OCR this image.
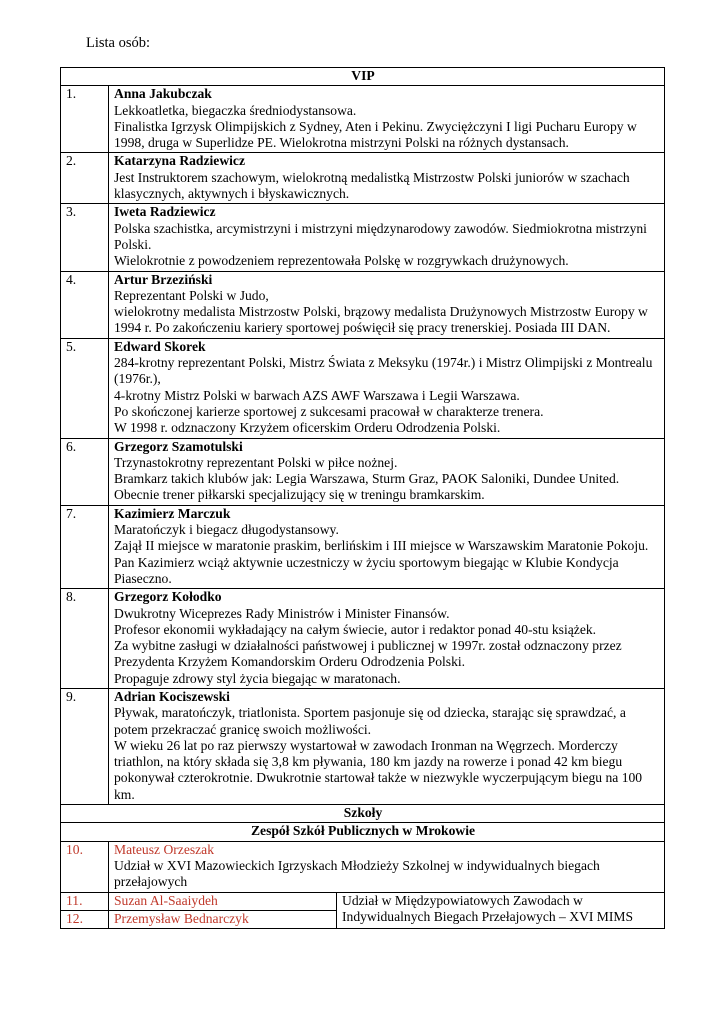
Lista osób:
VIP		
1.	Anna Jakubczak
Lekkoatletka, biegaczka średniodystansowa.
Finalistka Igrzysk Olimpijskich z Sydney, Aten i Pekinu. Zwyciężczyni I ligi Pucharu Europy w 1998, druga w Superlidze PE. Wielokrotna mistrzyni Polski na różnych dystansach.	

2.	Katarzyna Radziewicz
Jest Instruktorem szachowym, wielokrotną medalistką Mistrzostw Polski juniorów w szachach klasycznych, aktywnych i błyskawicznych.	

3.	Iweta Radziewicz
Polska szachistka, arcymistrzyni i mistrzyni międzynarodowy zawodów. Siedmiokrotna mistrzyni Polski.
Wielokrotnie z powodzeniem reprezentowała Polskę w rozgrywkach drużynowych.	

4.	Artur Brzeziński
Reprezentant Polski w Judo,
wielokrotny medalista Mistrzostw Polski, brązowy medalista Drużynowych Mistrzostw Europy w 1994 r. Po zakończeniu kariery sportowej poświęcił się pracy trenerskiej. Posiada III DAN.	

5.	Edward Skorek
284-krotny reprezentant Polski, Mistrz Świata z Meksyku (1974r.) i Mistrz Olimpijski z Montrealu (1976r.),
4-krotny Mistrz Polski w barwach AZS AWF Warszawa i Legii Warszawa.
Po skończonej karierze sportowej z sukcesami pracował w charakterze trenera.
W 1998 r. odznaczony Krzyżem oficerskim Orderu Odrodzenia Polski.	

6.	Grzegorz Szamotulski
Trzynastokrotny reprezentant Polski w piłce nożnej.
Bramkarz takich klubów jak: Legia Warszawa, Sturm Graz, PAOK Saloniki, Dundee United.
Obecnie trener piłkarski specjalizujący się w treningu bramkarskim.	

7.	Kazimierz Marczuk
Maratończyk i biegacz długodystansowy.
Zajął II miejsce w maratonie praskim, berlińskim i III miejsce w Warszawskim Maratonie Pokoju.
Pan Kazimierz wciąż aktywnie uczestniczy w życiu sportowym biegając w Klubie Kondycja Piaseczno.	

8.	Grzegorz Kołodko
Dwukrotny Wiceprezes Rady Ministrów i Minister Finansów.
Profesor ekonomii wykładający na całym świecie, autor i redaktor ponad 40-stu książek.
Za wybitne zasługi w działalności państwowej i publicznej w 1997r. został odznaczony przez Prezydenta Krzyżem Komandorskim Orderu Odrodzenia Polski.
Propaguje zdrowy styl życia biegając w maratonach.	

9.	Adrian Kociszewski
Pływak, maratończyk, triatlonista. Sportem pasjonuje się od dziecka, starając się sprawdzać, a potem przekraczać granicę swoich możliwości.
W wieku 26 lat po raz pierwszy wystartował w zawodach Ironman na Węgrzech. Morderczy triathlon, na który składa się 3,8 km pływania, 180 km jazdy na rowerze i ponad 42 km biegu pokonywał czterokrotnie. Dwukrotnie startował także w niezwykle wyczerpującym biegu na 100 km.	

Szkoły		
Zespół Szkół Publicznych w Mrokowie		
10.	Mateusz Orzeszak
Udział w XVI Mazowieckich Igrzyskach Młodzieży Szkolnej w indywidualnych biegach przełajowych	

11.	Suzan Al-Saaiydeh	Udział w Międzypowiatowych Zawodach w Indywidualnych Biegach Przełajowych – XVI MIMS
12.	Przemysław Bednarczyk	
